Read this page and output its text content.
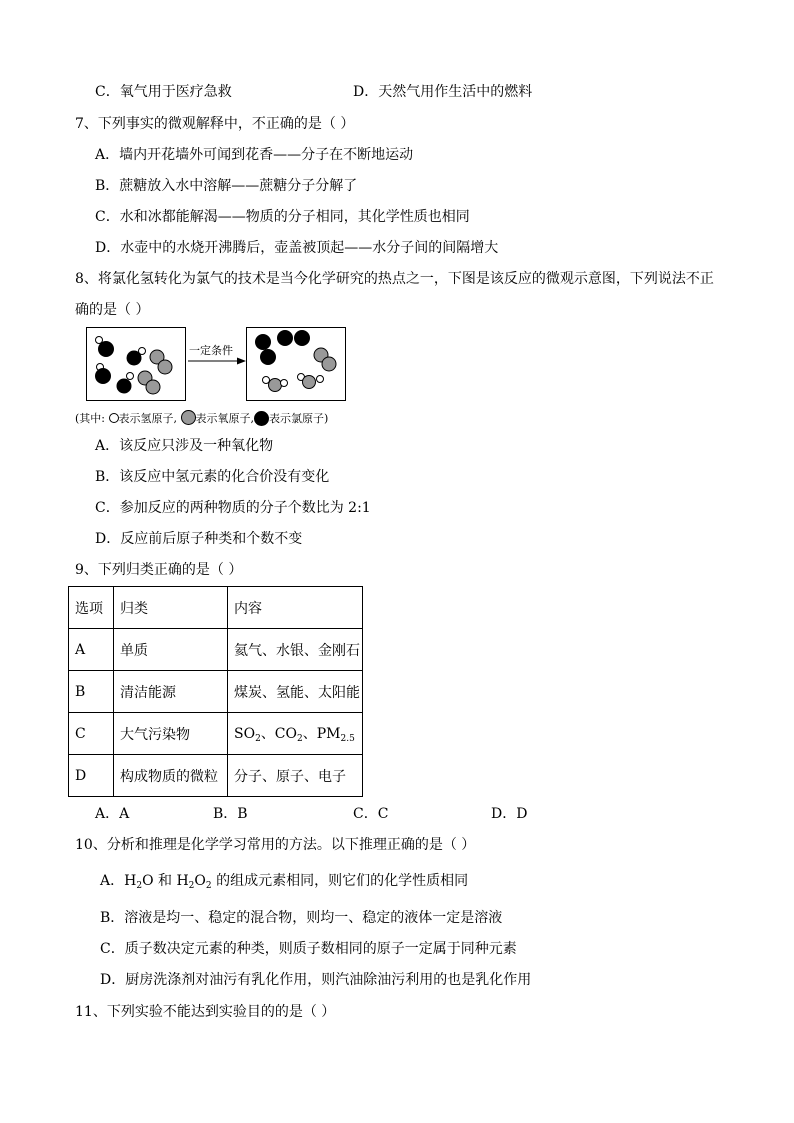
C．氧气用于医疗急救	D．天然气用作生活中的燃料
7、下列事实的微观解释中，不正确的是（ ）
A．墙内开花墙外可闻到花香——分子在不断地运动
B．蔗糖放入水中溶解——蔗糖分子分解了
C．水和冰都能解渴——物质的分子相同，其化学性质也相同
D．水壶中的水烧开沸腾后，壶盖被顶起——水分子间的间隔增大
8、将氯化氢转化为氯气的技术是当今化学研究的热点之一，下图是该反应的微观示意图，下列说法不正
确的是（ ）
一定条件
(其中: 表示氢原子, 表示氧原子, 表示氯原子)
A．该反应只涉及一种氧化物
B．该反应中氢元素的化合价没有变化
C．参加反应的两种物质的分子个数比为 2:1
D．反应前后原子种类和个数不变
9、下列归类正确的是（ ）
选项	归类	内容
A	单质	氦气、水银、金刚石
B	清洁能源	煤炭、氢能、太阳能
C	大气污染物	$SO_2$、$CO_2$、$PM_{2.5}$
D	构成物质的微粒	分子、原子、电子
A．A	B．B	C．C	D．D
10、分析和推理是化学学习常用的方法。以下推理正确的是（ ）
A．$H_2O$ 和 $H_2O_2$ 的组成元素相同，则它们的化学性质相同
B．溶液是均一、稳定的混合物，则均一、稳定的液体一定是溶液
C．质子数决定元素的种类，则质子数相同的原子一定属于同种元素
D．厨房洗涤剂对油污有乳化作用，则汽油除油污利用的也是乳化作用
11、下列实验不能达到实验目的的是（ ）
